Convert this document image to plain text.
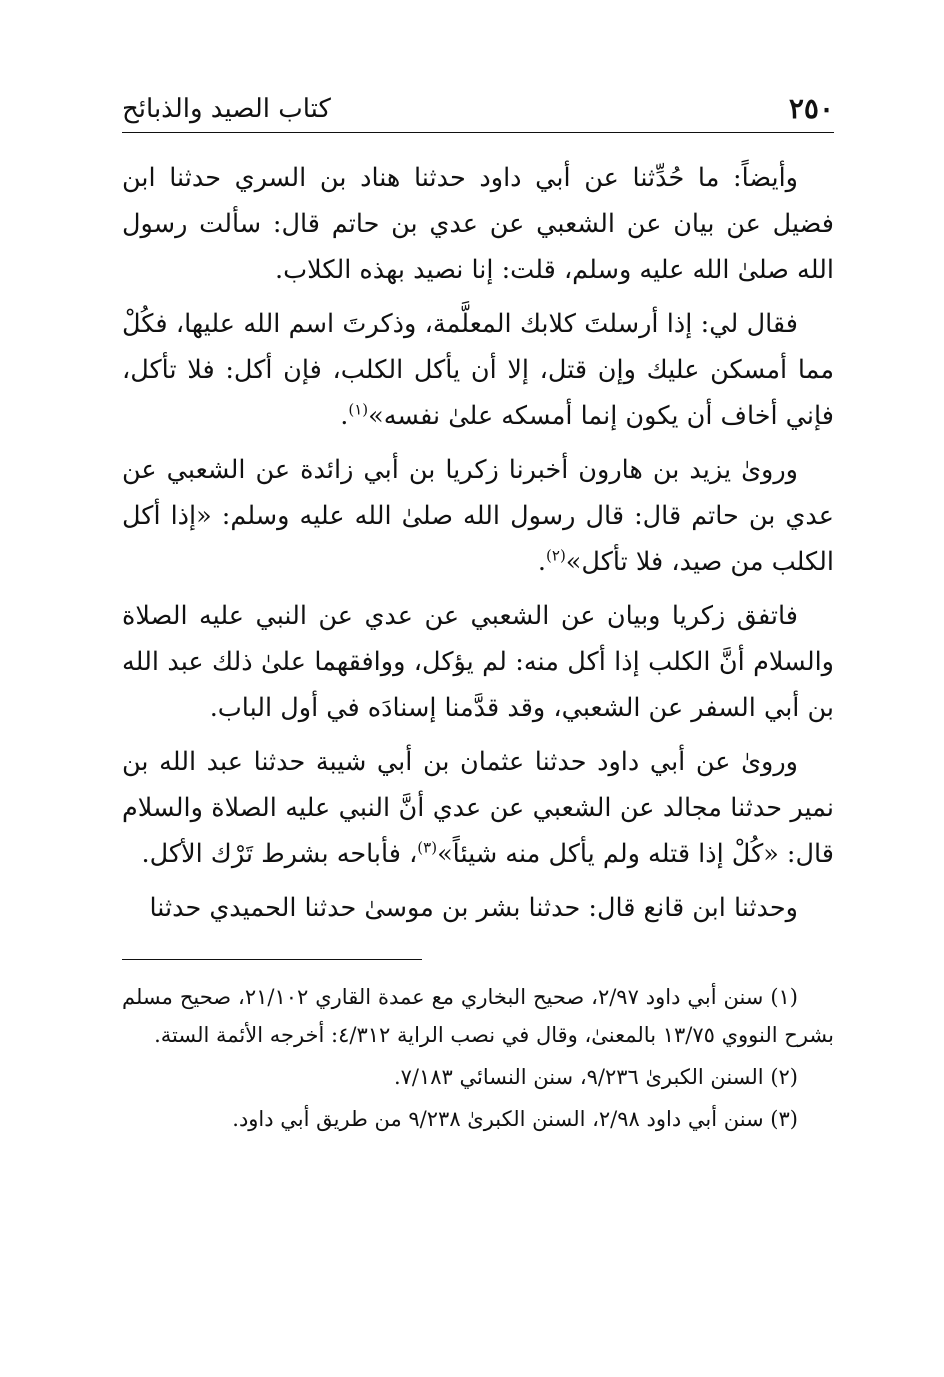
٢٥٠
كتاب الصيد والذبائح

وأيضاً: ما حُدِّثنا عن أبي داود حدثنا هناد بن السري حدثنا ابن فضيل عن بيان عن الشعبي عن عدي بن حاتم قال: سألت رسول الله صلىٰ الله عليه وسلم، قلت: إنا نصيد بهذه الكلاب.

فقال لي: إذا أرسلتَ كلابك المعلَّمة، وذكرتَ اسم الله عليها، فكُلْ مما أمسكن عليك وإن قتل، إلا أن يأكل الكلب، فإن أكل: فلا تأكل، فإني أخاف أن يكون إنما أمسكه علىٰ نفسه»$^{(١)}$.

وروىٰ يزيد بن هارون أخبرنا زكريا بن أبي زائدة عن الشعبي عن عدي بن حاتم قال: قال رسول الله صلىٰ الله عليه وسلم: «إذا أكل الكلب من صيد، فلا تأكل»$^{(٢)}$.

فاتفق زكريا وبيان عن الشعبي عن عدي عن النبي عليه الصلاة والسلام أنَّ الكلب إذا أكل منه: لم يؤكل، ووافقهما علىٰ ذلك عبد الله بن أبي السفر عن الشعبي، وقد قدَّمنا إسنادَه في أول الباب.

وروىٰ عن أبي داود حدثنا عثمان بن أبي شيبة حدثنا عبد الله بن نمير حدثنا مجالد عن الشعبي عن عدي أنَّ النبي عليه الصلاة والسلام قال: «كُلْ إذا قتله ولم يأكل منه شيئاً»$^{(٣)}$، فأباحه بشرط تَرْك الأكل.

وحدثنا ابن قانع قال: حدثنا بشر بن موسىٰ حدثنا الحميدي حدثنا

(١) سنن أبي داود ٢/٩٧، صحيح البخاري مع عمدة القاري ٢١/١٠٢، صحيح مسلم بشرح النووي ١٣/٧٥ بالمعنىٰ، وقال في نصب الراية ٤/٣١٢: أخرجه الأئمة الستة.

(٢) السنن الكبرىٰ ٩/٢٣٦، سنن النسائي ٧/١٨٣.

(٣) سنن أبي داود ٢/٩٨، السنن الكبرىٰ ٩/٢٣٨ من طريق أبي داود.
